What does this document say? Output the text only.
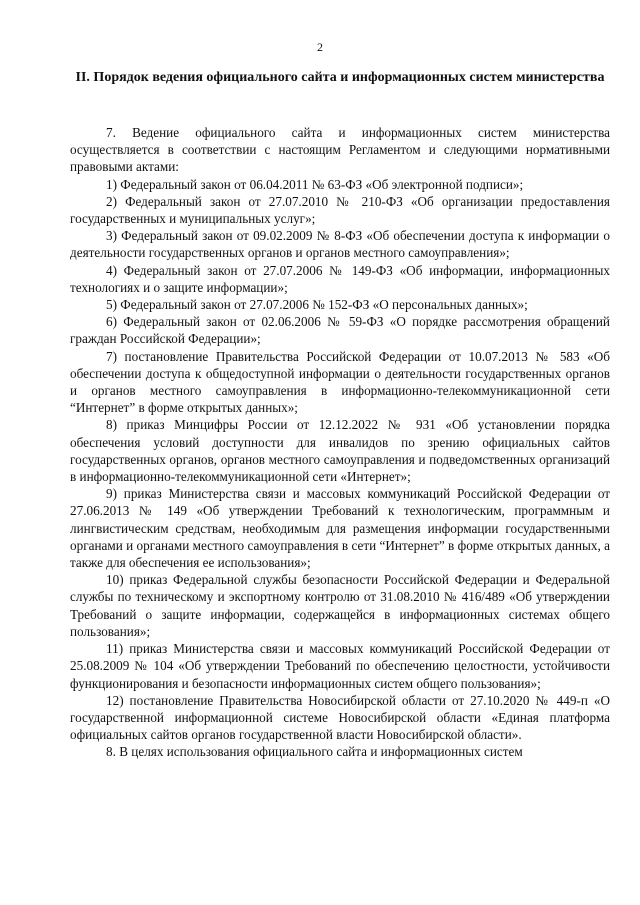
2
II. Порядок ведения официального сайта и информационных систем министерства

7. Ведение официального сайта и информационных систем министерства осуществляется в соответствии с настоящим Регламентом и следующими нормативными правовыми актами:

1) Федеральный закон от 06.04.2011 № 63-ФЗ «Об электронной подписи»;

2) Федеральный закон от 27.07.2010 № 210-ФЗ «Об организации предоставления государственных и муниципальных услуг»;

3) Федеральный закон от 09.02.2009 № 8-ФЗ «Об обеспечении доступа к информации о деятельности государственных органов и органов местного самоуправления»;

4) Федеральный закон от 27.07.2006 № 149-ФЗ «Об информации, информационных технологиях и о защите информации»;

5) Федеральный закон от 27.07.2006 № 152-ФЗ «О персональных данных»;

6) Федеральный закон от 02.06.2006 № 59-ФЗ «О порядке рассмотрения обращений граждан Российской Федерации»;

7) постановление Правительства Российской Федерации от 10.07.2013 № 583 «Об обеспечении доступа к общедоступной информации о деятельности государственных органов и органов местного самоуправления в информационно-телекоммуникационной сети “Интернет” в форме открытых данных»;

8) приказ Минцифры России от 12.12.2022 № 931 «Об установлении порядка обеспечения условий доступности для инвалидов по зрению официальных сайтов государственных органов, органов местного самоуправления и подведомственных организаций в информационно-телекоммуникационной сети «Интернет»;

9) приказ Министерства связи и массовых коммуникаций Российской Федерации от 27.06.2013 № 149 «Об утверждении Требований к технологическим, программным и лингвистическим средствам, необходимым для размещения информации государственными органами и органами местного самоуправления в сети “Интернет” в форме открытых данных, а также для обеспечения ее использования»;

10) приказ Федеральной службы безопасности Российской Федерации и Федеральной службы по техническому и экспортному контролю от 31.08.2010 № 416/489 «Об утверждении Требований о защите информации, содержащейся в информационных системах общего пользования»;

11) приказ Министерства связи и массовых коммуникаций Российской Федерации от 25.08.2009 № 104 «Об утверждении Требований по обеспечению целостности, устойчивости функционирования и безопасности информационных систем общего пользования»;

12) постановление Правительства Новосибирской области от 27.10.2020 № 449-п «О государственной информационной системе Новосибирской области «Единая платформа официальных сайтов органов государственной власти Новосибирской области».

8. В целях использования официального сайта и информационных систем
